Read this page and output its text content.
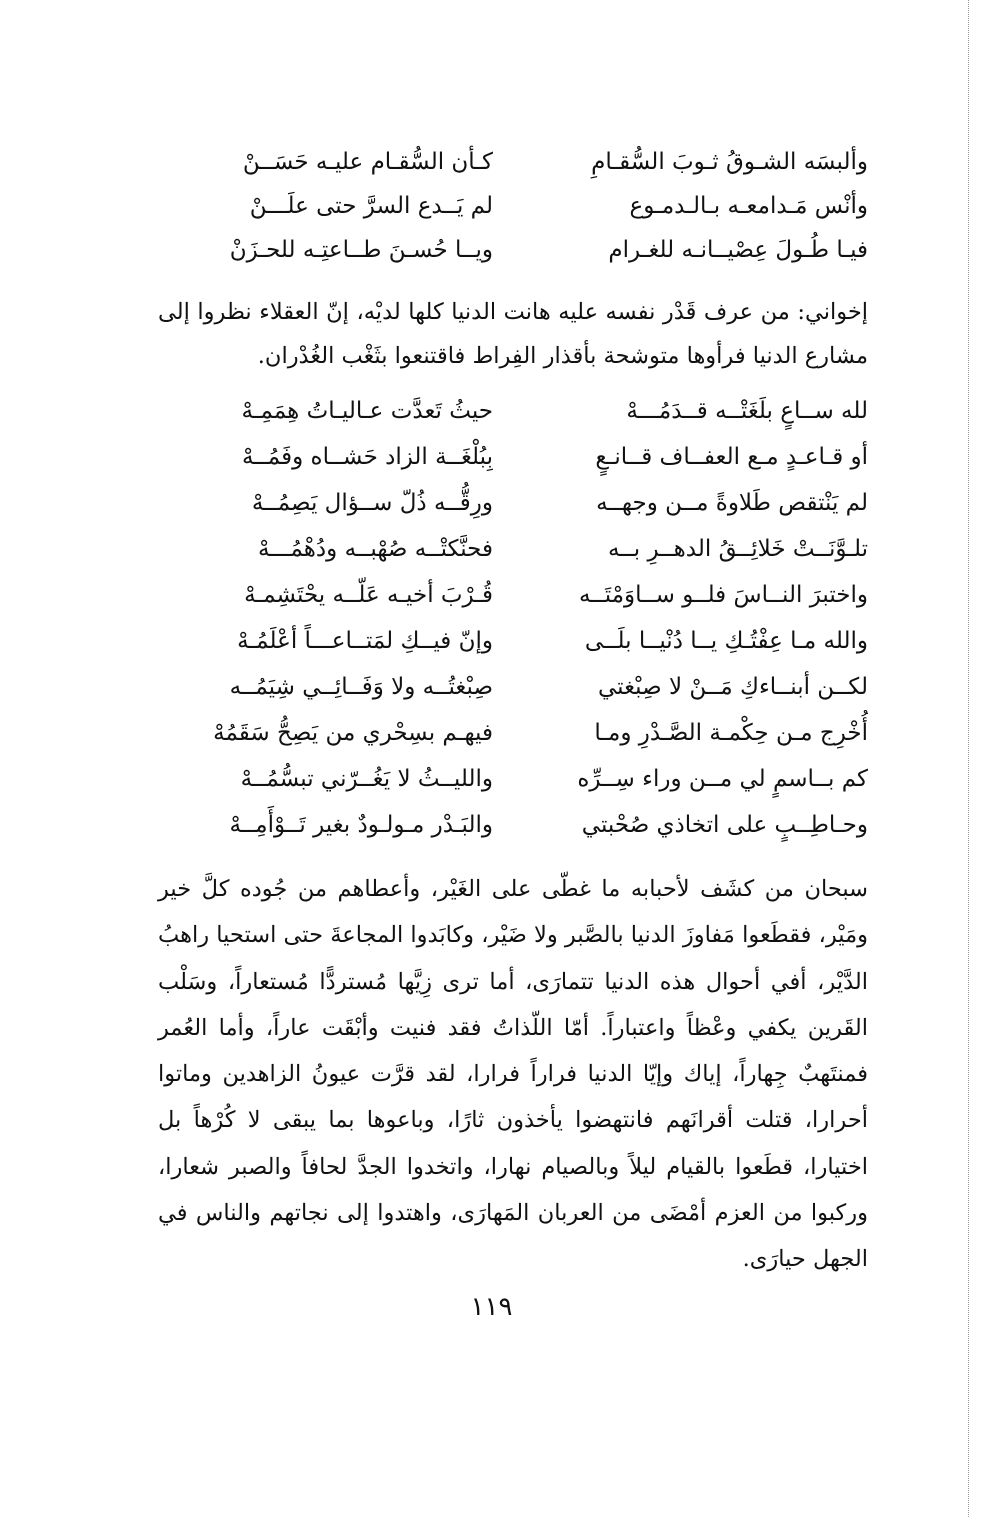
وألبسَه الشـوقُ ثـوبَ السُّقـامِ
كـأن السُّقـام عليـه حَسَــنْ
وأنْس مَـدامعـه بـالـدمـوع
لم يَــدع السرَّ حتى علَـــنْ
فيـا طُـولَ عِصْيــانـه للغـرام
ويــا حُسـنَ طــاعتِـه للحـزَنْ

إخواني: من عرف قَدْر نفسه عليه هانت الدنيا كلها لديْه، إنّ العقلاء نظروا إلى مشارع الدنيا فرأوها متوشحة بأقذار الفِراط فاقتنعوا بثَغْب الغُدْران.

لله ســاعٍ بلَغَتْــه قــدَمُـــهْ
حيثُ تَعدَّت عـاليـاتُ هِمَمِـهْ
أو قـاعـدٍ مـع العفــاف قــانـعٍ
بِبُلْغَــة الزاد حَشــاه وفَمُــهْ
لم يَنْتقص طَلاوةً مــن وجهــه
ورِقُّــه ذُلّ ســؤال يَصِمُــهْ
تلـوَّنَــتْ خَلائِــقُ الدهــرِ بــه
فحنَّكتْــه صُهْبــه ودُهْمُـــهْ
واختبرَ النــاسَ فلــو ســاوَمْتَــه
قُـرْبَ أخيـه عَلّــه يحْتَشِمـهْ
والله مـا عِفْتُـكِ يــا دُنْيــا بلَــى
وإنّ فيــكِ لمَتــاعـــاً أعْلَمُـهْ
لكــن أبنــاءكِ مَــنْ لا صِبْغتي
صِبْغتُــه ولا وَفَــائِــي شِيَمُــه
أُخْرِج مـن حِكْمـة الصَّـدْرِ ومـا
فيهـم بسِحْري من يَصِحُّ سَقَمُهْ
كم بــاسمٍ لي مــن وراء سِــرِّه
والليــثُ لا يَغُــرّني تبسُّمُــهْ
وحـاطِــبٍ على اتخاذي صُحْبتي
والبَـدْر مـولـودٌ بغير تَــوْأَمِــهْ

سبحان من كشَف لأحبابه ما غطّى على الغَيْر، وأعطاهم من جُوده كلَّ خير ومَيْر، فقطَعوا مَفاوزَ الدنيا بالصَّبر ولا ضَيْر، وكابَدوا المجاعةَ حتى استحيا راهبُ الدَّيْر، أفي أحوال هذه الدنيا تتمارَى، أما ترى زِيَّها مُستردًّا مُستعاراً، وسَلْب القَرين يكفي وعْظاً واعتباراً. أمّا اللّذاتُ فقد فنيت وأبْقَت عاراً، وأما العُمر فمنتَهبٌ جِهاراً، إياك وإيّا الدنيا فراراً فرارا، لقد قرَّت عيونُ الزاهدين وماتوا أحرارا، قتلت أقرانَهم فانتهضوا يأخذون ثارًا، وباعوها بما يبقى لا كُرْهاً بل اختيارا، قطَعوا بالقيام ليلاً وبالصيام نهارا، واتخدوا الجدَّ لحافاً والصبر شعارا، وركبوا من العزم أمْضَى من العربان المَهارَى، واهتدوا إلى نجاتهم والناس في الجهل حيارَى.

١١٩
